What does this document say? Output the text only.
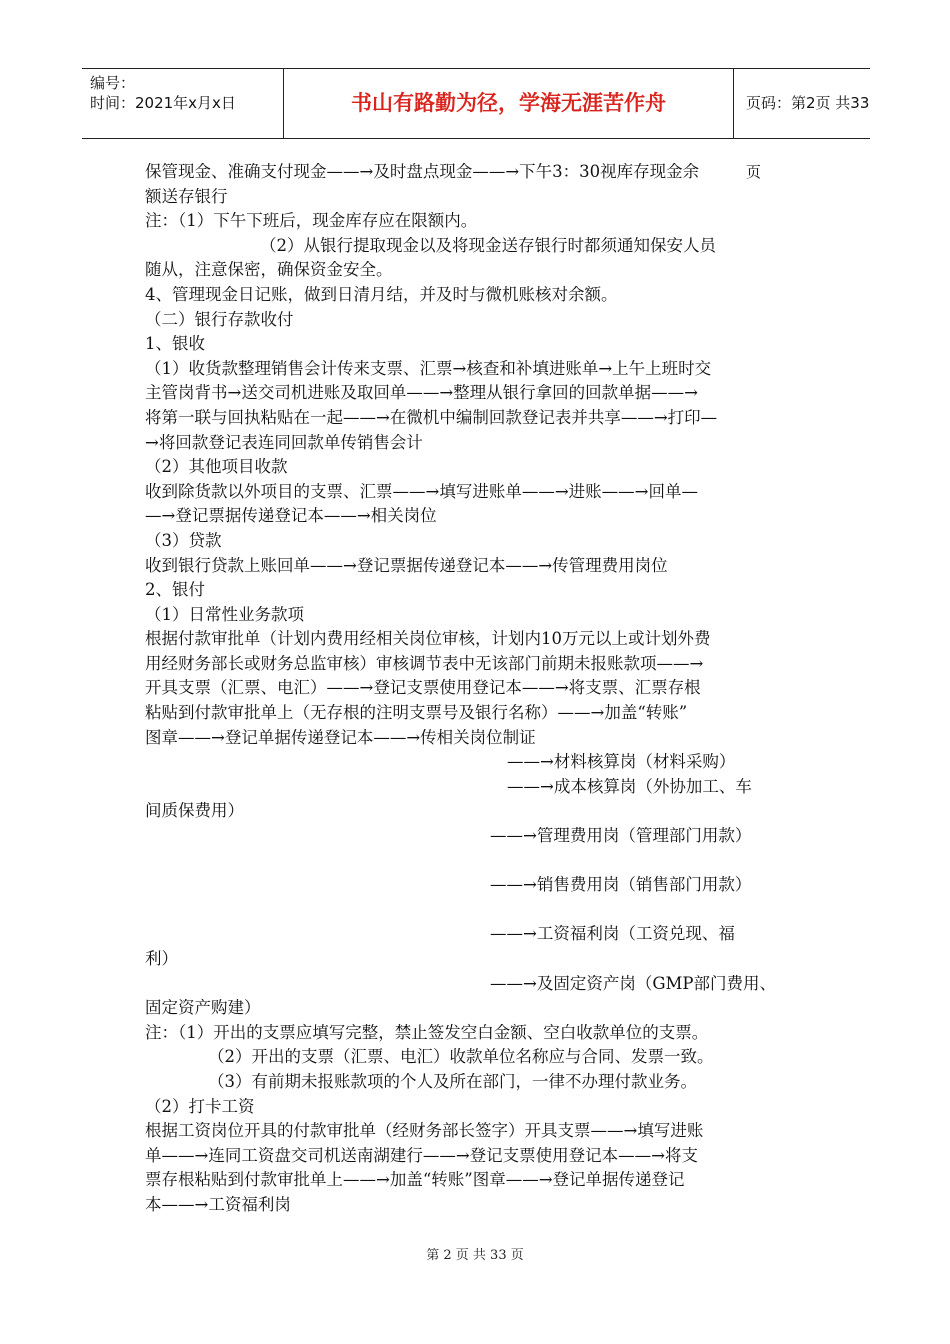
编号：
时间：2021年x月x日	书山有路勤为径，学海无涯苦作舟	页码：第2页 共33页
保管现金、准确支付现金——→及时盘点现金——→下午3：30视库存现金余
额送存银行
注：（1）下午下班后，现金库存应在限额内。
（2）从银行提取现金以及将现金送存银行时都须通知保安人员
随从，注意保密，确保资金安全。
4、管理现金日记账，做到日清月结，并及时与微机账核对余额。
（二）银行存款收付
1、银收
（1）收货款整理销售会计传来支票、汇票→核查和补填进账单→上午上班时交
主管岗背书→送交司机进账及取回单——→整理从银行拿回的回款单据——→
将第一联与回执粘贴在一起——→在微机中编制回款登记表并共享——→打印—
→将回款登记表连同回款单传销售会计
（2）其他项目收款
收到除货款以外项目的支票、汇票——→填写进账单——→进账——→回单—
—→登记票据传递登记本——→相关岗位
（3）贷款
收到银行贷款上账回单——→登记票据传递登记本——→传管理费用岗位
2、银付
（1）日常性业务款项
根据付款审批单（计划内费用经相关岗位审核，计划内10万元以上或计划外费
用经财务部长或财务总监审核）审核调节表中无该部门前期未报账款项——→
开具支票（汇票、电汇）——→登记支票使用登记本——→将支票、汇票存根
粘贴到付款审批单上（无存根的注明支票号及银行名称）——→加盖“转账”
图章——→登记单据传递登记本——→传相关岗位制证
——→材料核算岗（材料采购）
——→成本核算岗（外协加工、车
间质保费用）
——→管理费用岗（管理部门用款）
——→销售费用岗（销售部门用款）
——→工资福利岗（工资兑现、福
利）
——→及固定资产岗（GMP部门费用、
固定资产购建）
注：（1）开出的支票应填写完整，禁止签发空白金额、空白收款单位的支票。
（2）开出的支票（汇票、电汇）收款单位名称应与合同、发票一致。
（3）有前期未报账款项的个人及所在部门，一律不办理付款业务。
（2）打卡工资
根据工资岗位开具的付款审批单（经财务部长签字）开具支票——→填写进账
单——→连同工资盘交司机送南湖建行——→登记支票使用登记本——→将支
票存根粘贴到付款审批单上——→加盖“转账”图章——→登记单据传递登记
本——→工资福利岗
第 2 页 共 33 页
